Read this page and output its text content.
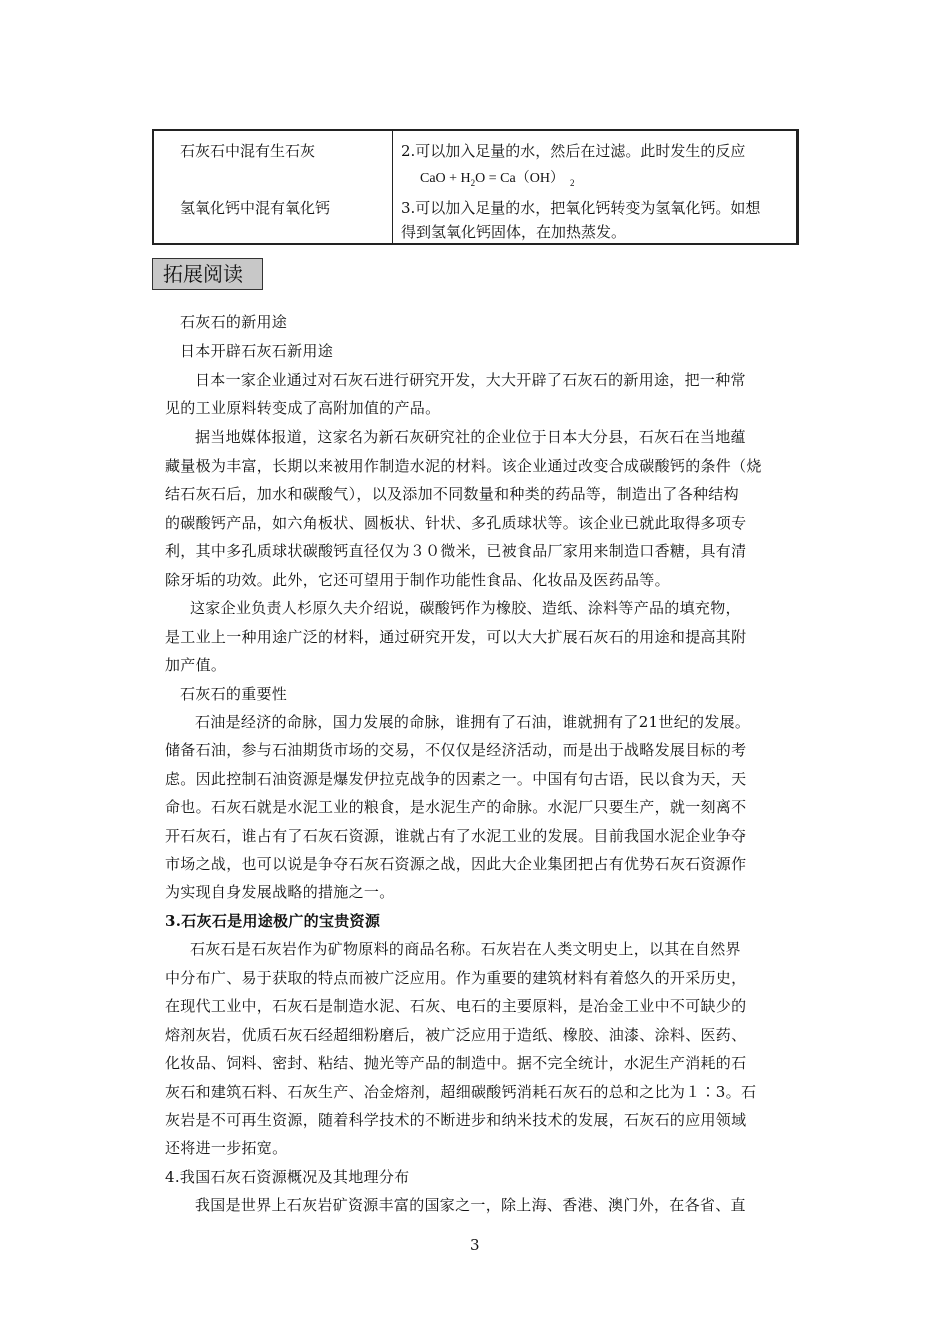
石灰石中混有生石灰	2.可以加入足量的水，然后在过滤。此时发生的反应
CaO + $H_2O = Ca(OH)$ $_2$
氢氧化钙中混有氧化钙	3.可以加入足量的水，把氧化钙转变为氢氧化钙。如想
得到氢氧化钙固体，在加热蒸发。
拓展阅读
石灰石的新用途
日本开辟石灰石新用途
日本一家企业通过对石灰石进行研究开发，大大开辟了石灰石的新用途，把一种常
见的工业原料转变成了高附加值的产品。
据当地媒体报道，这家名为新石灰研究社的企业位于日本大分县，石灰石在当地蕴
藏量极为丰富，长期以来被用作制造水泥的材料。该企业通过改变合成碳酸钙的条件（烧
结石灰石后，加水和碳酸气），以及添加不同数量和种类的药品等，制造出了各种结构
的碳酸钙产品，如六角板状、圆板状、针状、多孔质球状等。该企业已就此取得多项专
利，其中多孔质球状碳酸钙直径仅为３０微米，已被食品厂家用来制造口香糖，具有清
除牙垢的功效。此外，它还可望用于制作功能性食品、化妆品及医药品等。
这家企业负责人杉原久夫介绍说，碳酸钙作为橡胶、造纸、涂料等产品的填充物，
是工业上一种用途广泛的材料，通过研究开发，可以大大扩展石灰石的用途和提高其附
加产值。
石灰石的重要性
石油是经济的命脉，国力发展的命脉，谁拥有了石油，谁就拥有了21世纪的发展。
储备石油，参与石油期货市场的交易，不仅仅是经济活动，而是出于战略发展目标的考
虑。因此控制石油资源是爆发伊拉克战争的因素之一。中国有句古语，民以食为天，天
命也。石灰石就是水泥工业的粮食，是水泥生产的命脉。水泥厂只要生产，就一刻离不
开石灰石，谁占有了石灰石资源，谁就占有了水泥工业的发展。目前我国水泥企业争夺
市场之战，也可以说是争夺石灰石资源之战，因此大企业集团把占有优势石灰石资源作
为实现自身发展战略的措施之一。
3.石灰石是用途极广的宝贵资源
石灰石是石灰岩作为矿物原料的商品名称。石灰岩在人类文明史上，以其在自然界
中分布广、易于获取的特点而被广泛应用。作为重要的建筑材料有着悠久的开采历史，
在现代工业中，石灰石是制造水泥、石灰、电石的主要原料，是冶金工业中不可缺少的
熔剂灰岩，优质石灰石经超细粉磨后，被广泛应用于造纸、橡胶、油漆、涂料、医药、
化妆品、饲料、密封、粘结、抛光等产品的制造中。据不完全统计，水泥生产消耗的石
灰石和建筑石料、石灰生产、冶金熔剂，超细碳酸钙消耗石灰石的总和之比为１∶3。石
灰岩是不可再生资源，随着科学技术的不断进步和纳米技术的发展，石灰石的应用领域
还将进一步拓宽。
4.我国石灰石资源概况及其地理分布
我国是世界上石灰岩矿资源丰富的国家之一，除上海、香港、澳门外，在各省、直
3
